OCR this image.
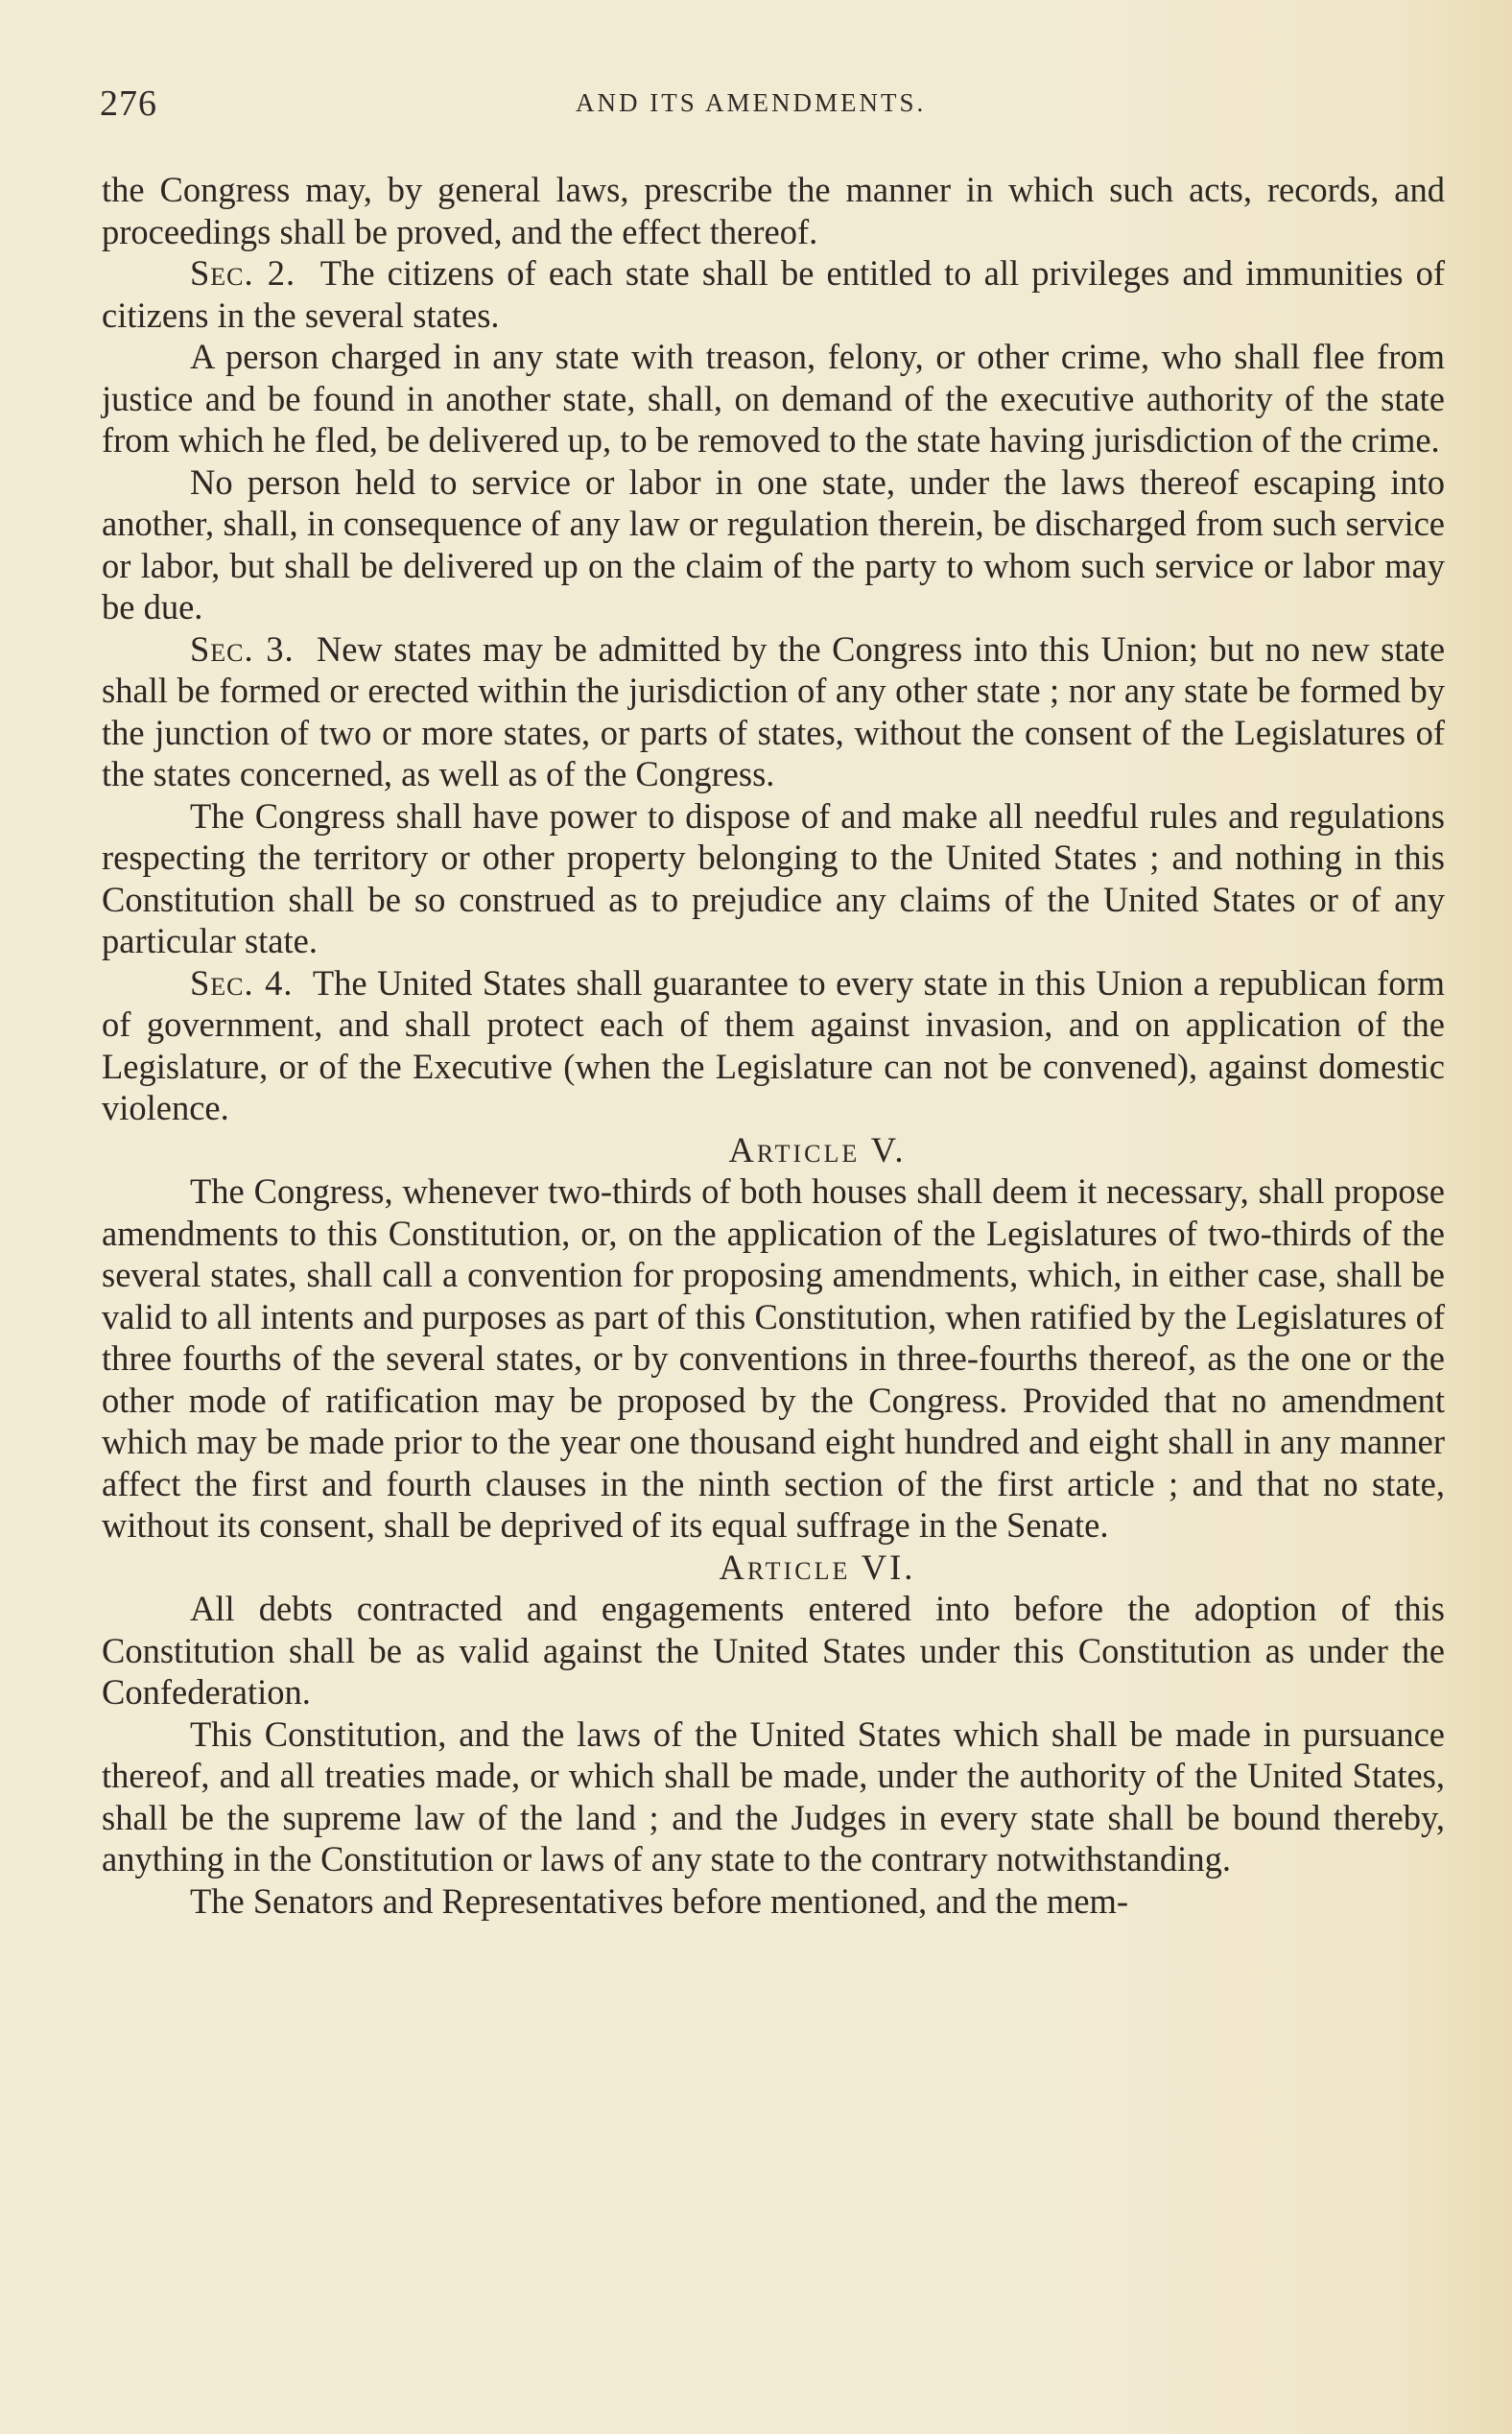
276	AND ITS AMENDMENTS.

the Congress may, by general laws, prescribe the manner in which such acts, records, and proceedings shall be proved, and the effect thereof.

Sec. 2. The citizens of each state shall be entitled to all privileges and immunities of citizens in the several states.

A person charged in any state with treason, felony, or other crime, who shall flee from justice and be found in another state, shall, on demand of the executive authority of the state from which he fled, be delivered up, to be removed to the state having jurisdiction of the crime.

No person held to service or labor in one state, under the laws thereof escaping into another, shall, in consequence of any law or regulation therein, be discharged from such service or labor, but shall be delivered up on the claim of the party to whom such service or labor may be due.

Sec. 3. New states may be admitted by the Congress into this Union; but no new state shall be formed or erected within the jurisdiction of any other state ; nor any state be formed by the junction of two or more states, or parts of states, without the consent of the Legislatures of the states concerned, as well as of the Congress.

The Congress shall have power to dispose of and make all needful rules and regulations respecting the territory or other property belonging to the United States ; and nothing in this Constitution shall be so construed as to prejudice any claims of the United States or of any particular state.

Sec. 4. The United States shall guarantee to every state in this Union a republican form of government, and shall protect each of them against invasion, and on application of the Legislature, or of the Executive (when the Legislature can not be convened), against domestic violence.

Article V.

The Congress, whenever two-thirds of both houses shall deem it necessary, shall propose amendments to this Constitution, or, on the application of the Legislatures of two-thirds of the several states, shall call a convention for proposing amendments, which, in either case, shall be valid to all intents and purposes as part of this Constitution, when ratified by the Legislatures of three fourths of the several states, or by conventions in three-fourths thereof, as the one or the other mode of ratification may be proposed by the Congress. Provided that no amendment which may be made prior to the year one thousand eight hundred and eight shall in any manner affect the first and fourth clauses in the ninth section of the first article ; and that no state, without its consent, shall be deprived of its equal suffrage in the Senate.

Article VI.

All debts contracted and engagements entered into before the adoption of this Constitution shall be as valid against the United States under this Constitution as under the Confederation.

This Constitution, and the laws of the United States which shall be made in pursuance thereof, and all treaties made, or which shall be made, under the authority of the United States, shall be the supreme law of the land ; and the Judges in every state shall be bound thereby, anything in the Constitution or laws of any state to the contrary notwithstanding.

The Senators and Representatives before mentioned, and the mem-
